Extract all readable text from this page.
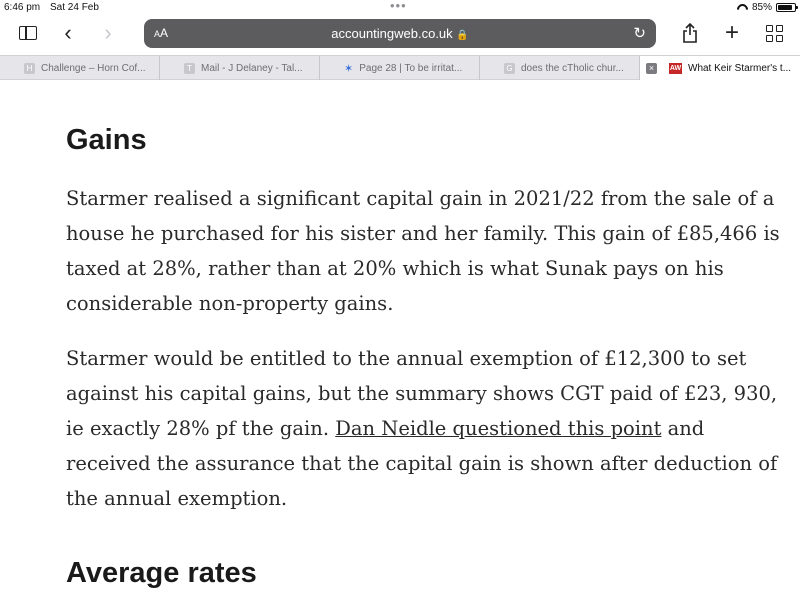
6:46 pm Sat 24 Feb	•••	85%
‹ ›	AA	accountingweb.co.uk 🔒	↻	+
H Challenge – Horn Cof...	T Mail - J Delaney - Tal...	✶ Page 28 | To be irritat...	G does the cTholic chur...	×	AW What Keir Starmer's t...
Gains

Starmer realised a significant capital gain in 2021/22 from the sale of a house he purchased for his sister and her family. This gain of £85,466 is taxed at 28%, rather than at 20% which is what Sunak pays on his considerable non-property gains.

Starmer would be entitled to the annual exemption of £12,300 to set against his capital gains, but the summary shows CGT paid of £23, 930, ie exactly 28% pf the gain. Dan Neidle questioned this point and received the assurance that the capital gain is shown after deduction of the annual exemption.

Average rates
